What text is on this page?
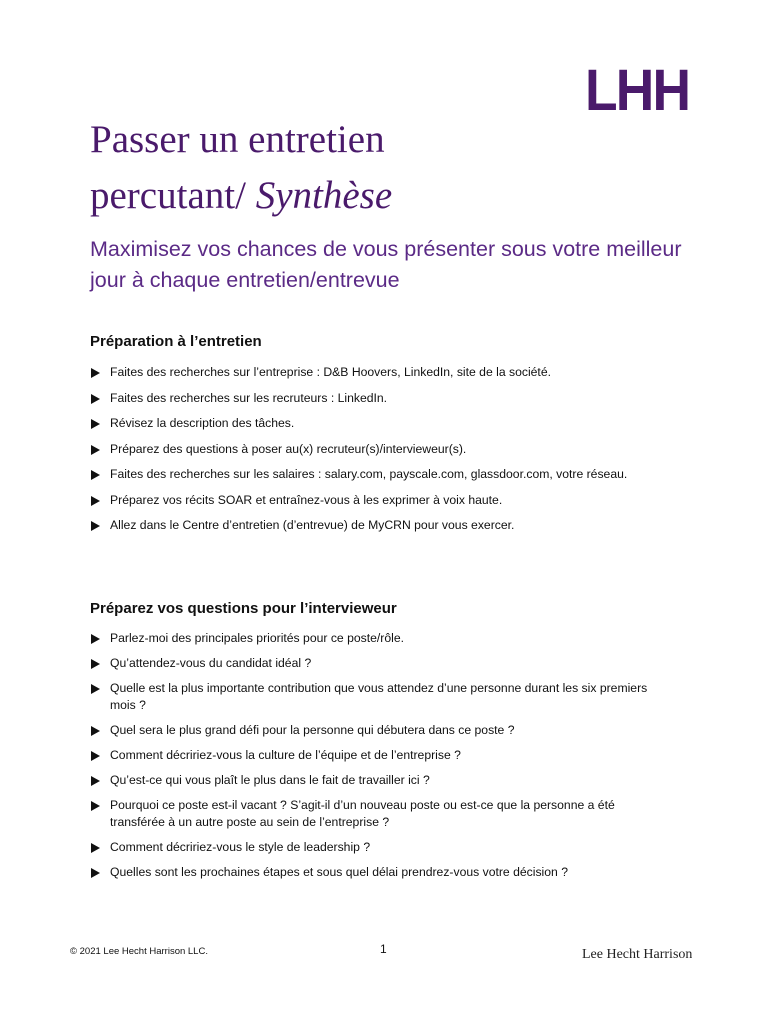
LHH
Passer un entretien
percutant/ Synthèse

Maximisez vos chances de vous présenter sous votre meilleur jour à chaque entretien/entrevue

Préparation à l’entretien
Faites des recherches sur l’entreprise : D&B Hoovers, LinkedIn, site de la société.
Faites des recherches sur les recruteurs : LinkedIn.
Révisez la description des tâches.
Préparez des questions à poser au(x) recruteur(s)/intervieweur(s).
Faites des recherches sur les salaires : salary.com, payscale.com, glassdoor.com, votre réseau.
Préparez vos récits SOAR et entraînez-vous à les exprimer à voix haute.
Allez dans le Centre d’entretien (d’entrevue) de MyCRN pour vous exercer.
Préparez vos questions pour l’intervieweur
Parlez-moi des principales priorités pour ce poste/rôle.
Qu’attendez-vous du candidat idéal ?
Quelle est la plus importante contribution que vous attendez d’une personne durant les six premiers mois ?
Quel sera le plus grand défi pour la personne qui débutera dans ce poste ?
Comment décririez-vous la culture de l’équipe et de l’entreprise ?
Qu’est-ce qui vous plaît le plus dans le fait de travailler ici ?
Pourquoi ce poste est-il vacant ? S’agit-il d’un nouveau poste ou est-ce que la personne a été transférée à un autre poste au sein de l’entreprise ?
Comment décririez-vous le style de leadership ?
Quelles sont les prochaines étapes et sous quel délai prendrez-vous votre décision ?
© 2021 Lee Hecht Harrison LLC.	1	Lee Hecht Harrison
